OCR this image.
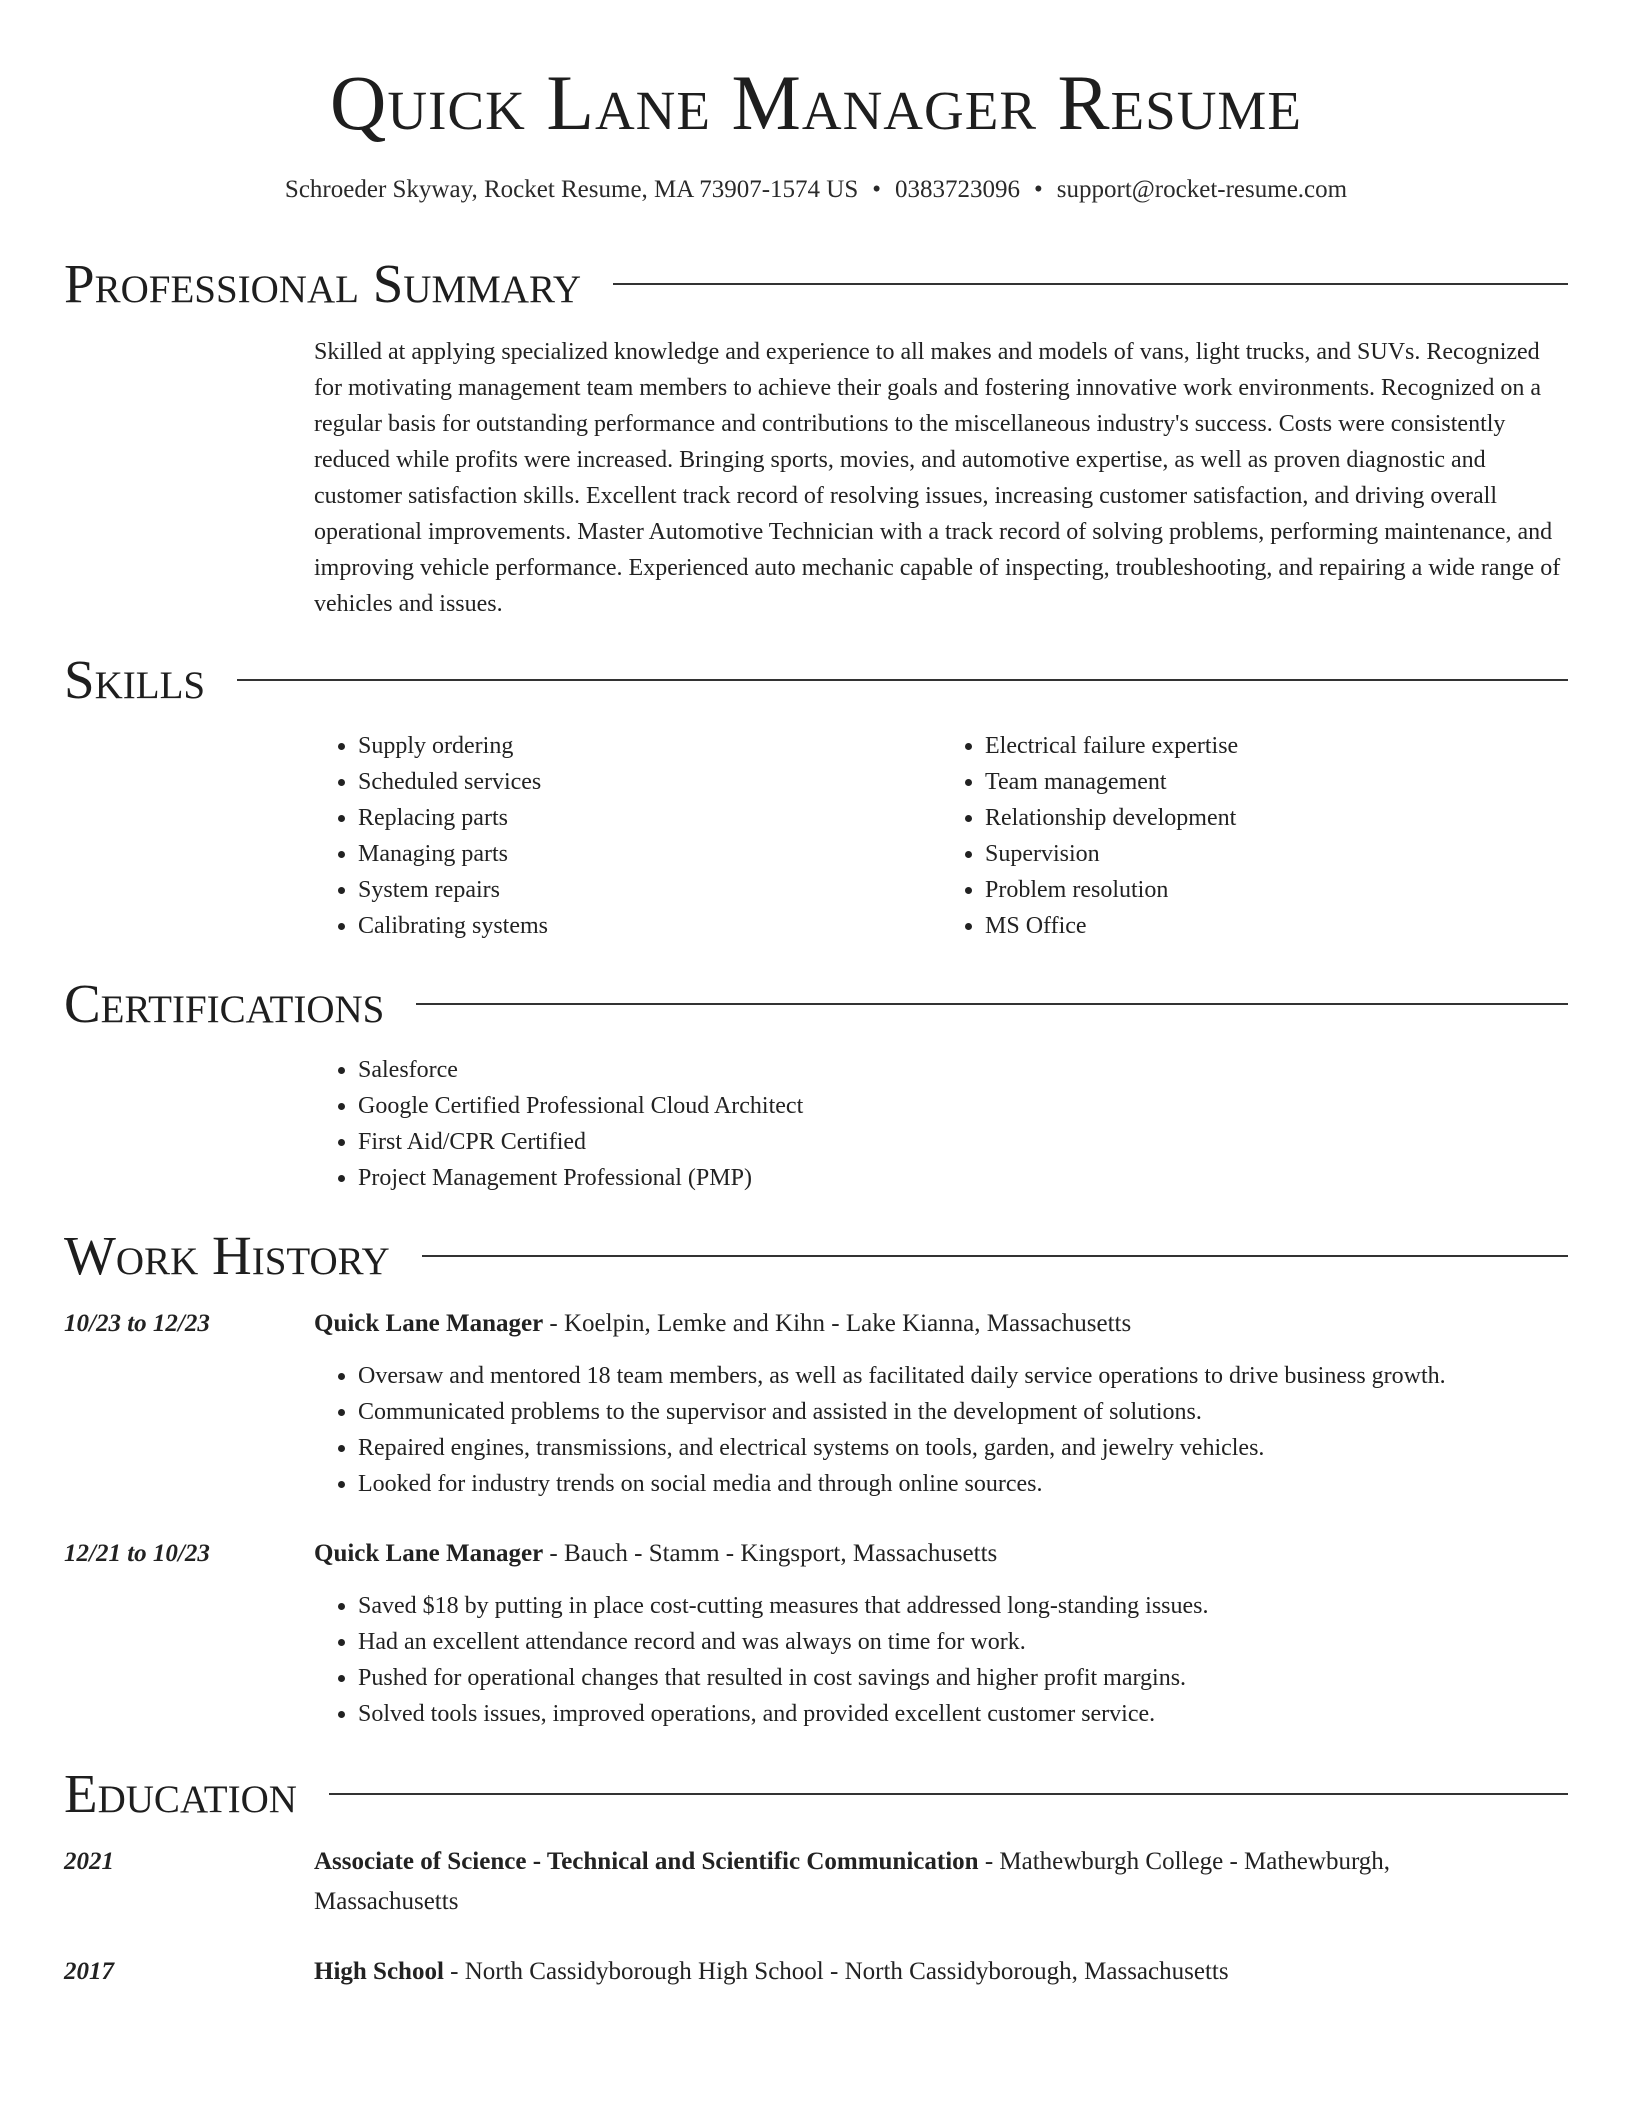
Quick Lane Manager Resume
Schroeder Skyway, Rocket Resume, MA 73907-1574 US • 0383723096 • support@rocket-resume.com
Professional Summary

Skilled at applying specialized knowledge and experience to all makes and models of vans, light trucks, and SUVs. Recognized for motivating management team members to achieve their goals and fostering innovative work environments. Recognized on a regular basis for outstanding performance and contributions to the miscellaneous industry's success. Costs were consistently reduced while profits were increased. Bringing sports, movies, and automotive expertise, as well as proven diagnostic and customer satisfaction skills. Excellent track record of resolving issues, increasing customer satisfaction, and driving overall operational improvements. Master Automotive Technician with a track record of solving problems, performing maintenance, and improving vehicle performance. Experienced auto mechanic capable of inspecting, troubleshooting, and repairing a wide range of vehicles and issues.

Skills
• Supply ordering
• Scheduled services
• Replacing parts
• Managing parts
• System repairs
• Calibrating systems
• Electrical failure expertise
• Team management
• Relationship development
• Supervision
• Problem resolution
• MS Office
Certifications
• Salesforce
• Google Certified Professional Cloud Architect
• First Aid/CPR Certified
• Project Management Professional (PMP)
Work History
10/23 to 12/23	Quick Lane Manager - Koelpin, Lemke and Kihn - Lake Kianna, Massachusetts
• Oversaw and mentored 18 team members, as well as facilitated daily service operations to drive business growth.
• Communicated problems to the supervisor and assisted in the development of solutions.
• Repaired engines, transmissions, and electrical systems on tools, garden, and jewelry vehicles.
• Looked for industry trends on social media and through online sources.
12/21 to 10/23	Quick Lane Manager - Bauch - Stamm - Kingsport, Massachusetts
• Saved $18 by putting in place cost-cutting measures that addressed long-standing issues.
• Had an excellent attendance record and was always on time for work.
• Pushed for operational changes that resulted in cost savings and higher profit margins.
• Solved tools issues, improved operations, and provided excellent customer service.
Education
2021	Associate of Science - Technical and Scientific Communication - Mathewburgh College - Mathewburgh, Massachusetts
2017	High School - North Cassidyborough High School - North Cassidyborough, Massachusetts
